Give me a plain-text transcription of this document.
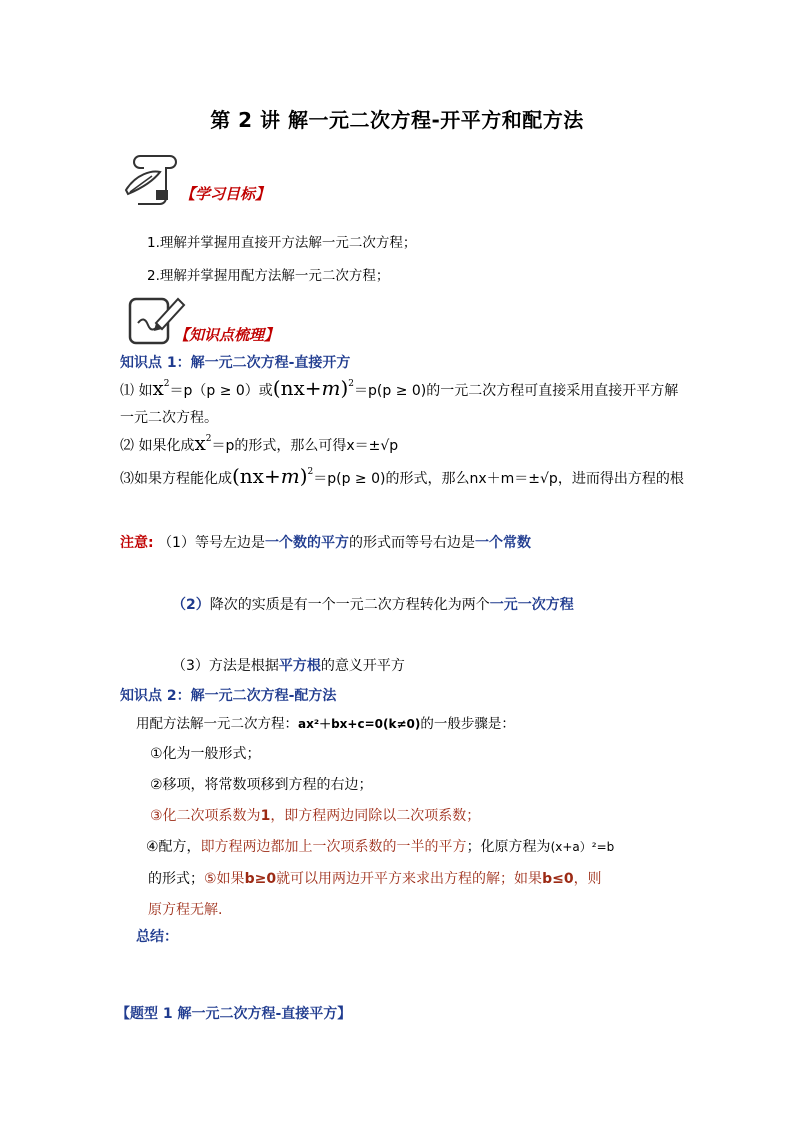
第 2 讲 解一元二次方程-开平方和配方法
【学习目标】
1.理解并掌握用直接开方法解一元二次方程；
2.理解并掌握用配方法解一元二次方程；
【知识点梳理】
知识点 1：解一元二次方程-直接开方
⑴ 如$x^2=p(p \ge 0)$或$(nx+m)^2=p(p \ge 0)$的一元二次方程可直接采用直接开平方解
一元二次方程。
⑵ 如果化成$x^2=p$的形式，那么可得x＝±√p
⑶如果方程能化成$(nx+m)^2=p(p \ge 0)$的形式，那么nx＋m＝±√p，进而得出方程的根
注意: （1）等号左边是一个数的平方的形式而等号右边是一个常数
（2）降次的实质是有一个一元二次方程转化为两个一元一次方程
（3）方法是根据平方根的意义开平方
知识点 2：解一元二次方程-配方法
用配方法解一元二次方程：ax²＋bx+c=0(k≠0)的一般步骤是：
①化为一般形式；
②移项，将常数项移到方程的右边；
③化二次项系数为1，即方程两边同除以二次项系数；
④配方，即方程两边都加上一次项系数的一半的平方；化原方程为(x+a）²=b
的形式；⑤如果b≥0就可以用两边开平方来求出方程的解；如果b≤0，则
原方程无解.
总结：
【题型 1 解一元二次方程-直接平方】
